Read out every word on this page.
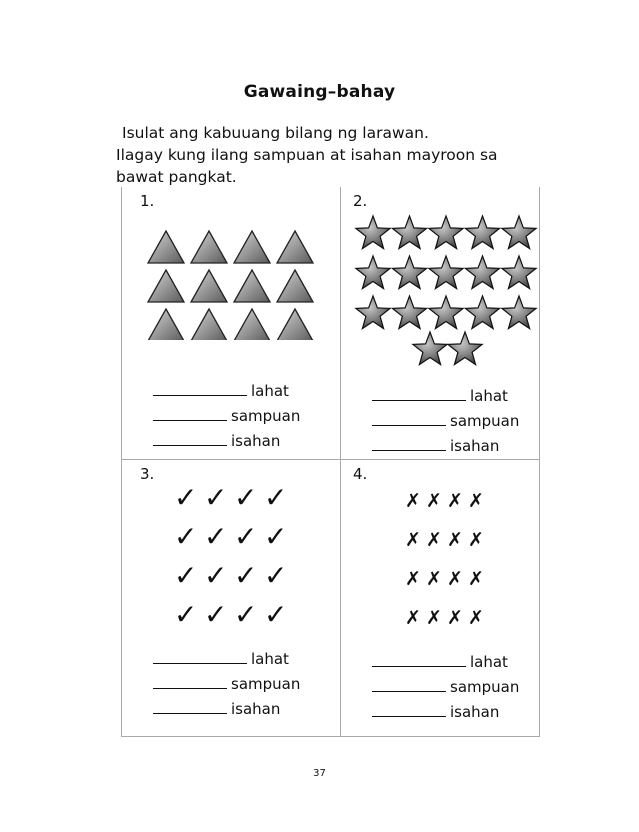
Gawaing–bahay
Isulat ang kabuuang bilang ng larawan.
Ilagay kung ilang sampuan at isahan mayroon sa
bawat pangkat.
1.
lahat
sampuan
isahan
2.
lahat
sampuan
isahan
3.
✓ ✓ ✓ ✓
✓ ✓ ✓ ✓
✓ ✓ ✓ ✓
✓ ✓ ✓ ✓
lahat
sampuan
isahan
4.
✗ ✗ ✗ ✗
✗ ✗ ✗ ✗
✗ ✗ ✗ ✗
✗ ✗ ✗ ✗
lahat
sampuan
isahan
37
